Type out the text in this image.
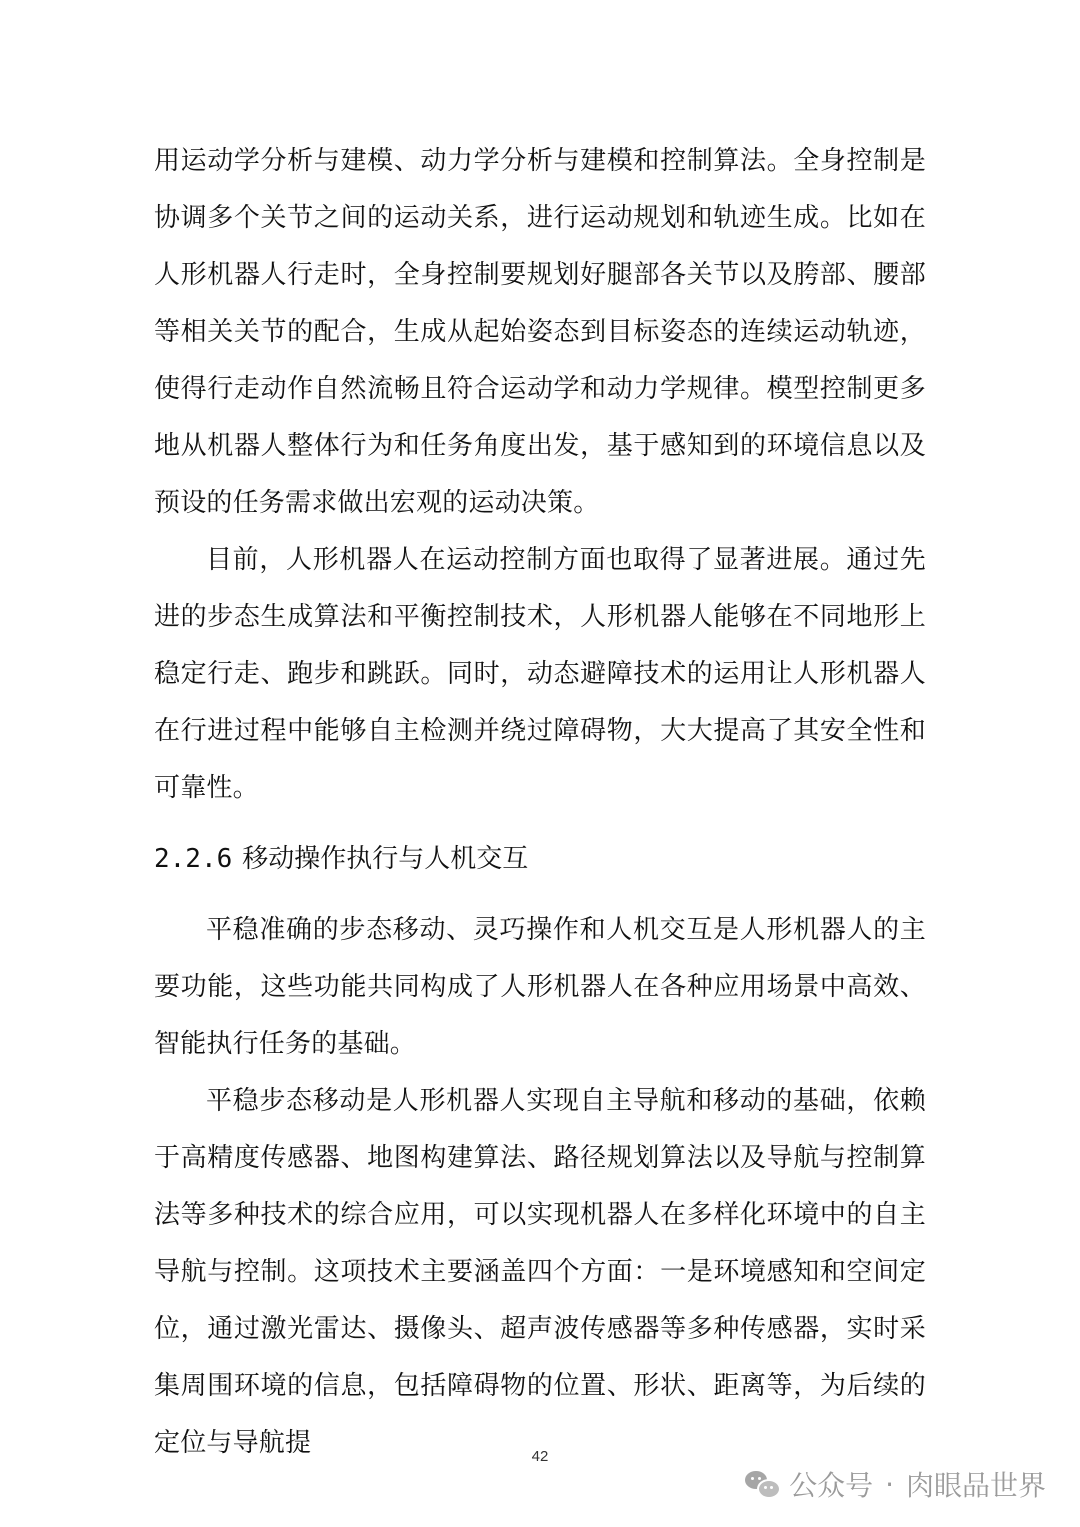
用运动学分析与建模、动力学分析与建模和控制算法。全身控制是协调多个关节之间的运动关系，进行运动规划和轨迹生成。比如在人形机器人行走时，全身控制要规划好腿部各关节以及胯部、腰部等相关关节的配合，生成从起始姿态到目标姿态的连续运动轨迹，使得行走动作自然流畅且符合运动学和动力学规律。模型控制更多地从机器人整体行为和任务角度出发，基于感知到的环境信息以及预设的任务需求做出宏观的运动决策。

目前，人形机器人在运动控制方面也取得了显著进展。通过先进的步态生成算法和平衡控制技术，人形机器人能够在不同地形上稳定行走、跑步和跳跃。同时，动态避障技术的运用让人形机器人在行进过程中能够自主检测并绕过障碍物，大大提高了其安全性和可靠性。

2.2.6 移动操作执行与人机交互

平稳准确的步态移动、灵巧操作和人机交互是人形机器人的主要功能，这些功能共同构成了人形机器人在各种应用场景中高效、智能执行任务的基础。

平稳步态移动是人形机器人实现自主导航和移动的基础，依赖于高精度传感器、地图构建算法、路径规划算法以及导航与控制算法等多种技术的综合应用，可以实现机器人在多样化环境中的自主导航与控制。这项技术主要涵盖四个方面：一是环境感知和空间定位，通过激光雷达、摄像头、超声波传感器等多种传感器，实时采集周围环境的信息，包括障碍物的位置、形状、距离等，为后续的定位与导航提	42
公众号 · 肉眼品世界
